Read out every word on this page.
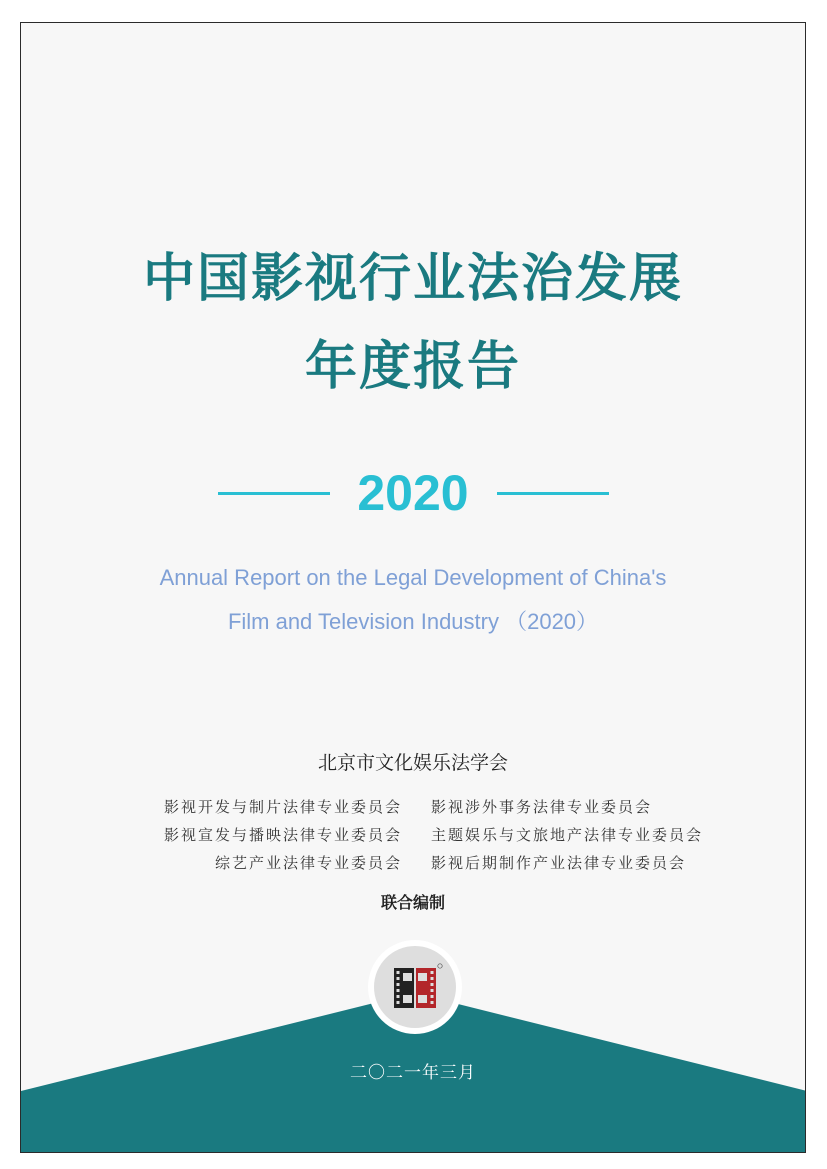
中国影视行业法治发展
年度报告
2020
Annual Report on the Legal Development of China's
Film and Television Industry （2020）
北京市文化娱乐法学会
影视开发与制片法律专业委员会
影视宣发与播映法律专业委员会
综艺产业法律专业委员会
影视涉外事务法律专业委员会
主题娱乐与文旅地产法律专业委员会
影视后期制作产业法律专业委员会
联合编制
二〇二一年三月
